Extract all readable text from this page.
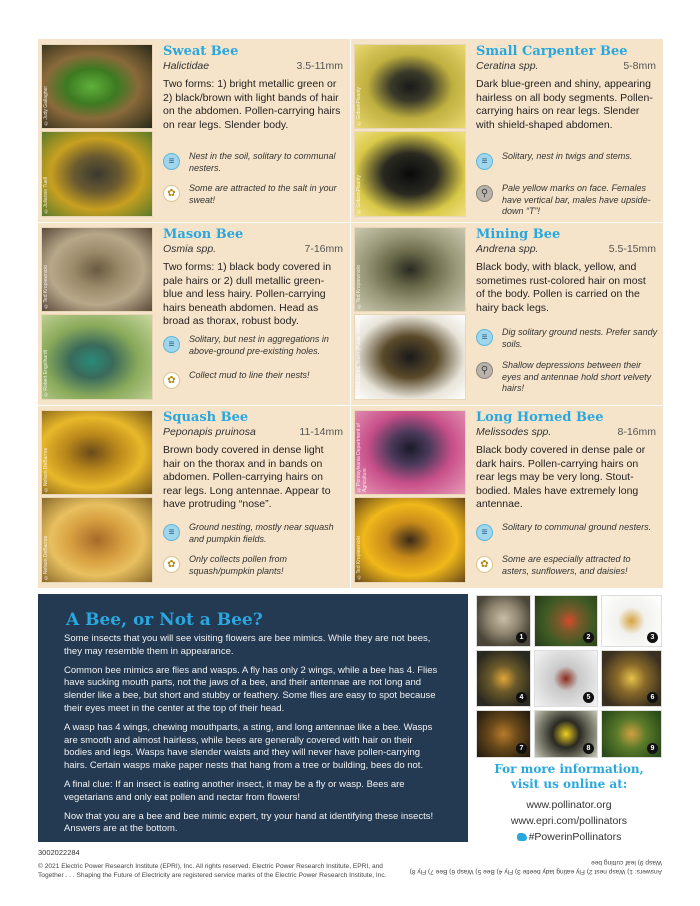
©Judy Gallagher
©Julianne Tuell
Sweat Bee
Halictidae	3.5-11mm
Two forms: 1) bright metallic green or 2) black/brown with light bands of hair on the abdomen. Pollen-carrying hairs on rear legs. Slender body.
≡	Nest in the soil, solitary to communal nesters.
✿	Some are attracted to the salt in your sweat!
©GideonPisanty
©GideonPisanty
Small Carpenter Bee
Ceratina spp.	5-8mm
Dark blue-green and shiny, appearing hairless on all body segments. Pollen-carrying hairs on rear legs. Slender with shield-shaped abdomen.
≡	Solitary, nest in twigs and stems.
⚲	Pale yellow marks on face. Females have vertical bar, males have upside-down “T”!
©Ted Kropiewnicki
©Robert Engelhardt
Mason Bee
Osmia spp.	7-16mm
Two forms: 1) black body covered in pale hairs or 2) dull metallic green-blue and less hairy. Pollen-carrying hairs beneath abdomen. Head as broad as thorax, robust body.
≡	Solitary, but nest in aggregations in above-ground pre-existing holes.
✿	Collect mud to line their nests!
©Ted Kropiewnicki
©USGSBIML Team (Public domain)
Mining Bee
Andrena spp.	5.5-15mm
Black body, with black, yellow, and sometimes rust-colored hair on most of the body. Pollen is carried on the hairy back legs.
≡	Dig solitary ground nests. Prefer sandy soils.
⚲	Shallow depressions between their eyes and antennae hold short velvety hairs!
©Nelson DeBarros
©Nelson DeBarros
Squash Bee
Peponapis pruinosa	11-14mm
Brown body covered in dense light hair on the thorax and in bands on abdomen. Pollen-carrying hairs on rear legs. Long antennae. Appear to have protruding “nose”.
≡	Ground nesting, mostly near squash and pumpkin fields.
✿	Only collects pollen from squash/pumpkin plants!
©Pennsylvania Department of Agriculture
©Ted Kropiewnicki
Long Horned Bee
Melissodes spp.	8-16mm
Black body covered in dense pale or dark hairs. Pollen-carrying hairs on rear legs may be very long. Stout-bodied. Males have extremely long antennae.
≡	Solitary to communal ground nesters.
✿	Some are especially attracted to asters, sunflowers, and daisies!
A Bee, or Not a Bee?

Some insects that you will see visiting flowers are bee mimics. While they are not bees, they may resemble them in appearance.

Common bee mimics are flies and wasps. A fly has only 2 wings, while a bee has 4. Flies have sucking mouth parts, not the jaws of a bee, and their antennae are not long and slender like a bee, but short and stubby or feathery. Some flies are easy to spot because their eyes meet in the center at the top of their head.

A wasp has 4 wings, chewing mouthparts, a sting, and long antennae like a bee. Wasps are smooth and almost hairless, while bees are generally covered with hair on their bodies and legs. Wasps have slender waists and they will never have pollen-carrying hairs. Certain wasps make paper nests that hang from a tree or building, bees do not.

A final clue: If an insect is eating another insect, it may be a fly or wasp. Bees are vegetarians and only eat pollen and nectar from flowers!

Now that you are a bee and bee mimic expert, try your hand at identifying these insects! Answers are at the bottom.

1	2	3
4	5	6
7	8	9
For more information,
visit us online at:
www.pollinator.org
www.epri.com/pollinators
#PowerinPollinators
3002022284
© 2021 Electric Power Research Institute (EPRI), Inc. All rights reserved. Electric Power Research Institute, EPRI, and Together . . . Shaping the Future of Electricity are registered service marks of the Electric Power Research Institute, Inc.
Answers: 1) Wasp nest 2) Fly eating lady beetle 3) Fly 4) Bee 5) Wasp 6) Bee 7) Fly 8) Wasp 9) leaf cutting bee
